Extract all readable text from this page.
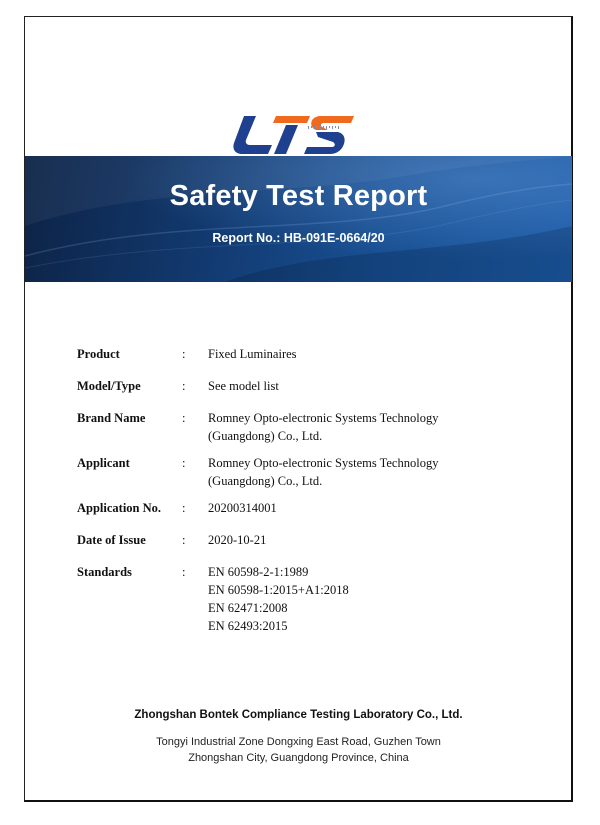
Safety Test Report
Report No.: HB-091E-0664/20
Product	:	Fixed Luminaires
Model/Type	:	See model list
Brand Name	:	Romney Opto-electronic Systems Technology
(Guangdong) Co., Ltd.
Applicant	:	Romney Opto-electronic Systems Technology
(Guangdong) Co., Ltd.
Application No.	:	20200314001
Date of Issue	:	2020-10-21
Standards	:	EN 60598-2-1:1989
EN 60598-1:2015+A1:2018
EN 62471:2008
EN 62493:2015
Zhongshan Bontek Compliance Testing Laboratory Co., Ltd.
Tongyi Industrial Zone Dongxing East Road, Guzhen Town
Zhongshan City, Guangdong Province, China
